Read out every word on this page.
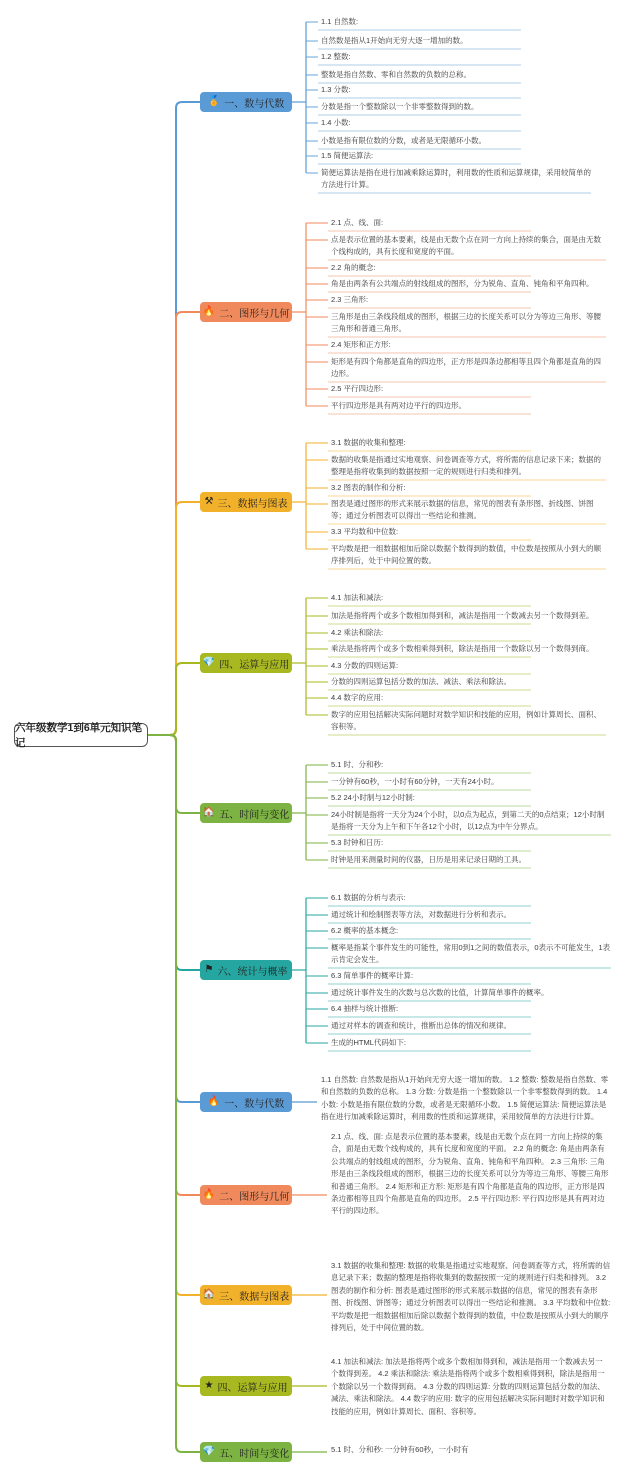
六年级数学1到6单元知识笔记
🏅 一、数与代数
1.1 自然数:
自然数是指从1开始向无穷大逐一增加的数。
1.2 整数:
整数是指自然数、零和自然数的负数的总称。
1.3 分数:
分数是指一个整数除以一个非零整数得到的数。
1.4 小数:
小数是指有限位数的分数，或者是无限循环小数。
1.5 简便运算法:
简便运算法是指在进行加减乘除运算时，利用数的性质和运算规律，采用较简单的方法进行计算。
🔥 二、图形与几何
2.1 点、线、面:
点是表示位置的基本要素，线是由无数个点在同一方向上持续的集合，面是由无数个线构成的，具有长度和宽度的平面。
2.2 角的概念:
角是由两条有公共端点的射线组成的图形，分为锐角、直角、钝角和平角四种。
2.3 三角形:
三角形是由三条线段组成的图形，根据三边的长度关系可以分为等边三角形、等腰三角形和普通三角形。
2.4 矩形和正方形:
矩形是有四个角都是直角的四边形，正方形是四条边都相等且四个角都是直角的四边形。
2.5 平行四边形:
平行四边形是具有两对边平行的四边形。
⚒ 三、数据与图表
3.1 数据的收集和整理:
数据的收集是指通过实地观察、问卷调查等方式，将所需的信息记录下来；数据的整理是指将收集到的数据按照一定的规则进行归类和排列。
3.2 图表的制作和分析:
图表是通过图形的形式来展示数据的信息，常见的图表有条形图、折线图、饼图等；通过分析图表可以得出一些结论和推测。
3.3 平均数和中位数:
平均数是把一组数据相加后除以数据个数得到的数值，中位数是按照从小到大的顺序排列后，处于中间位置的数。
💎 四、运算与应用
4.1 加法和减法:
加法是指将两个或多个数相加得到和，减法是指用一个数减去另一个数得到差。
4.2 乘法和除法:
乘法是指将两个或多个数相乘得到积，除法是指用一个数除以另一个数得到商。
4.3 分数的四则运算:
分数的四则运算包括分数的加法、减法、乘法和除法。
4.4 数字的应用:
数字的应用包括解决实际问题时对数学知识和技能的应用，例如计算周长、面积、容积等。
🏠 五、时间与变化
5.1 时、分和秒:
一分钟有60秒，一小时有60分钟，一天有24小时。
5.2 24小时制与12小时制:
24小时制是指将一天分为24个小时，以0点为起点，到第二天的0点结束；12小时制是指将一天分为上午和下午各12个小时，以12点为中午分界点。
5.3 时钟和日历:
时钟是用来测量时间的仪器，日历是用来记录日期的工具。
⚑ 六、统计与概率
6.1 数据的分析与表示:
通过统计和绘制图表等方法，对数据进行分析和表示。
6.2 概率的基本概念:
概率是指某个事件发生的可能性，常用0到1之间的数值表示，0表示不可能发生，1表示肯定会发生。
6.3 简单事件的概率计算:
通过统计事件发生的次数与总次数的比值，计算简单事件的概率。
6.4 抽样与统计推断:
通过对样本的调查和统计，推断出总体的情况和规律。
生成的HTML代码如下:
🔥 一、数与代数
1.1 自然数: 自然数是指从1开始向无穷大逐一增加的数。 1.2 整数: 整数是指自然数、零和自然数的负数的总称。 1.3 分数: 分数是指一个整数除以一个非零整数得到的数。 1.4 小数: 小数是指有限位数的分数，或者是无限循环小数。 1.5 简便运算法: 简便运算法是指在进行加减乘除运算时，利用数的性质和运算规律，采用较简单的方法进行计算。
🔥 二、图形与几何
2.1 点、线、面: 点是表示位置的基本要素，线是由无数个点在同一方向上持续的集合，面是由无数个线构成的，具有长度和宽度的平面。 2.2 角的概念: 角是由两条有公共端点的射线组成的图形，分为锐角、直角、钝角和平角四种。 2.3 三角形: 三角形是由三条线段组成的图形，根据三边的长度关系可以分为等边三角形、等腰三角形和普通三角形。 2.4 矩形和正方形: 矩形是有四个角都是直角的四边形，正方形是四条边都相等且四个角都是直角的四边形。 2.5 平行四边形: 平行四边形是具有两对边平行的四边形。
🏠 三、数据与图表
3.1 数据的收集和整理: 数据的收集是指通过实地观察、问卷调查等方式，将所需的信息记录下来；数据的整理是指将收集到的数据按照一定的规则进行归类和排列。 3.2 图表的制作和分析: 图表是通过图形的形式来展示数据的信息，常见的图表有条形图、折线图、饼图等；通过分析图表可以得出一些结论和推测。 3.3 平均数和中位数: 平均数是把一组数据相加后除以数据个数得到的数值，中位数是按照从小到大的顺序排列后，处于中间位置的数。
★ 四、运算与应用
4.1 加法和减法: 加法是指将两个或多个数相加得到和，减法是指用一个数减去另一个数得到差。 4.2 乘法和除法: 乘法是指将两个或多个数相乘得到积，除法是指用一个数除以另一个数得到商。 4.3 分数的四则运算: 分数的四则运算包括分数的加法、减法、乘法和除法。 4.4 数字的应用: 数字的应用包括解决实际问题时对数学知识和技能的应用，例如计算周长、面积、容积等。
💎 五、时间与变化	5.1 时、分和秒: 一分钟有60秒，一小时有
